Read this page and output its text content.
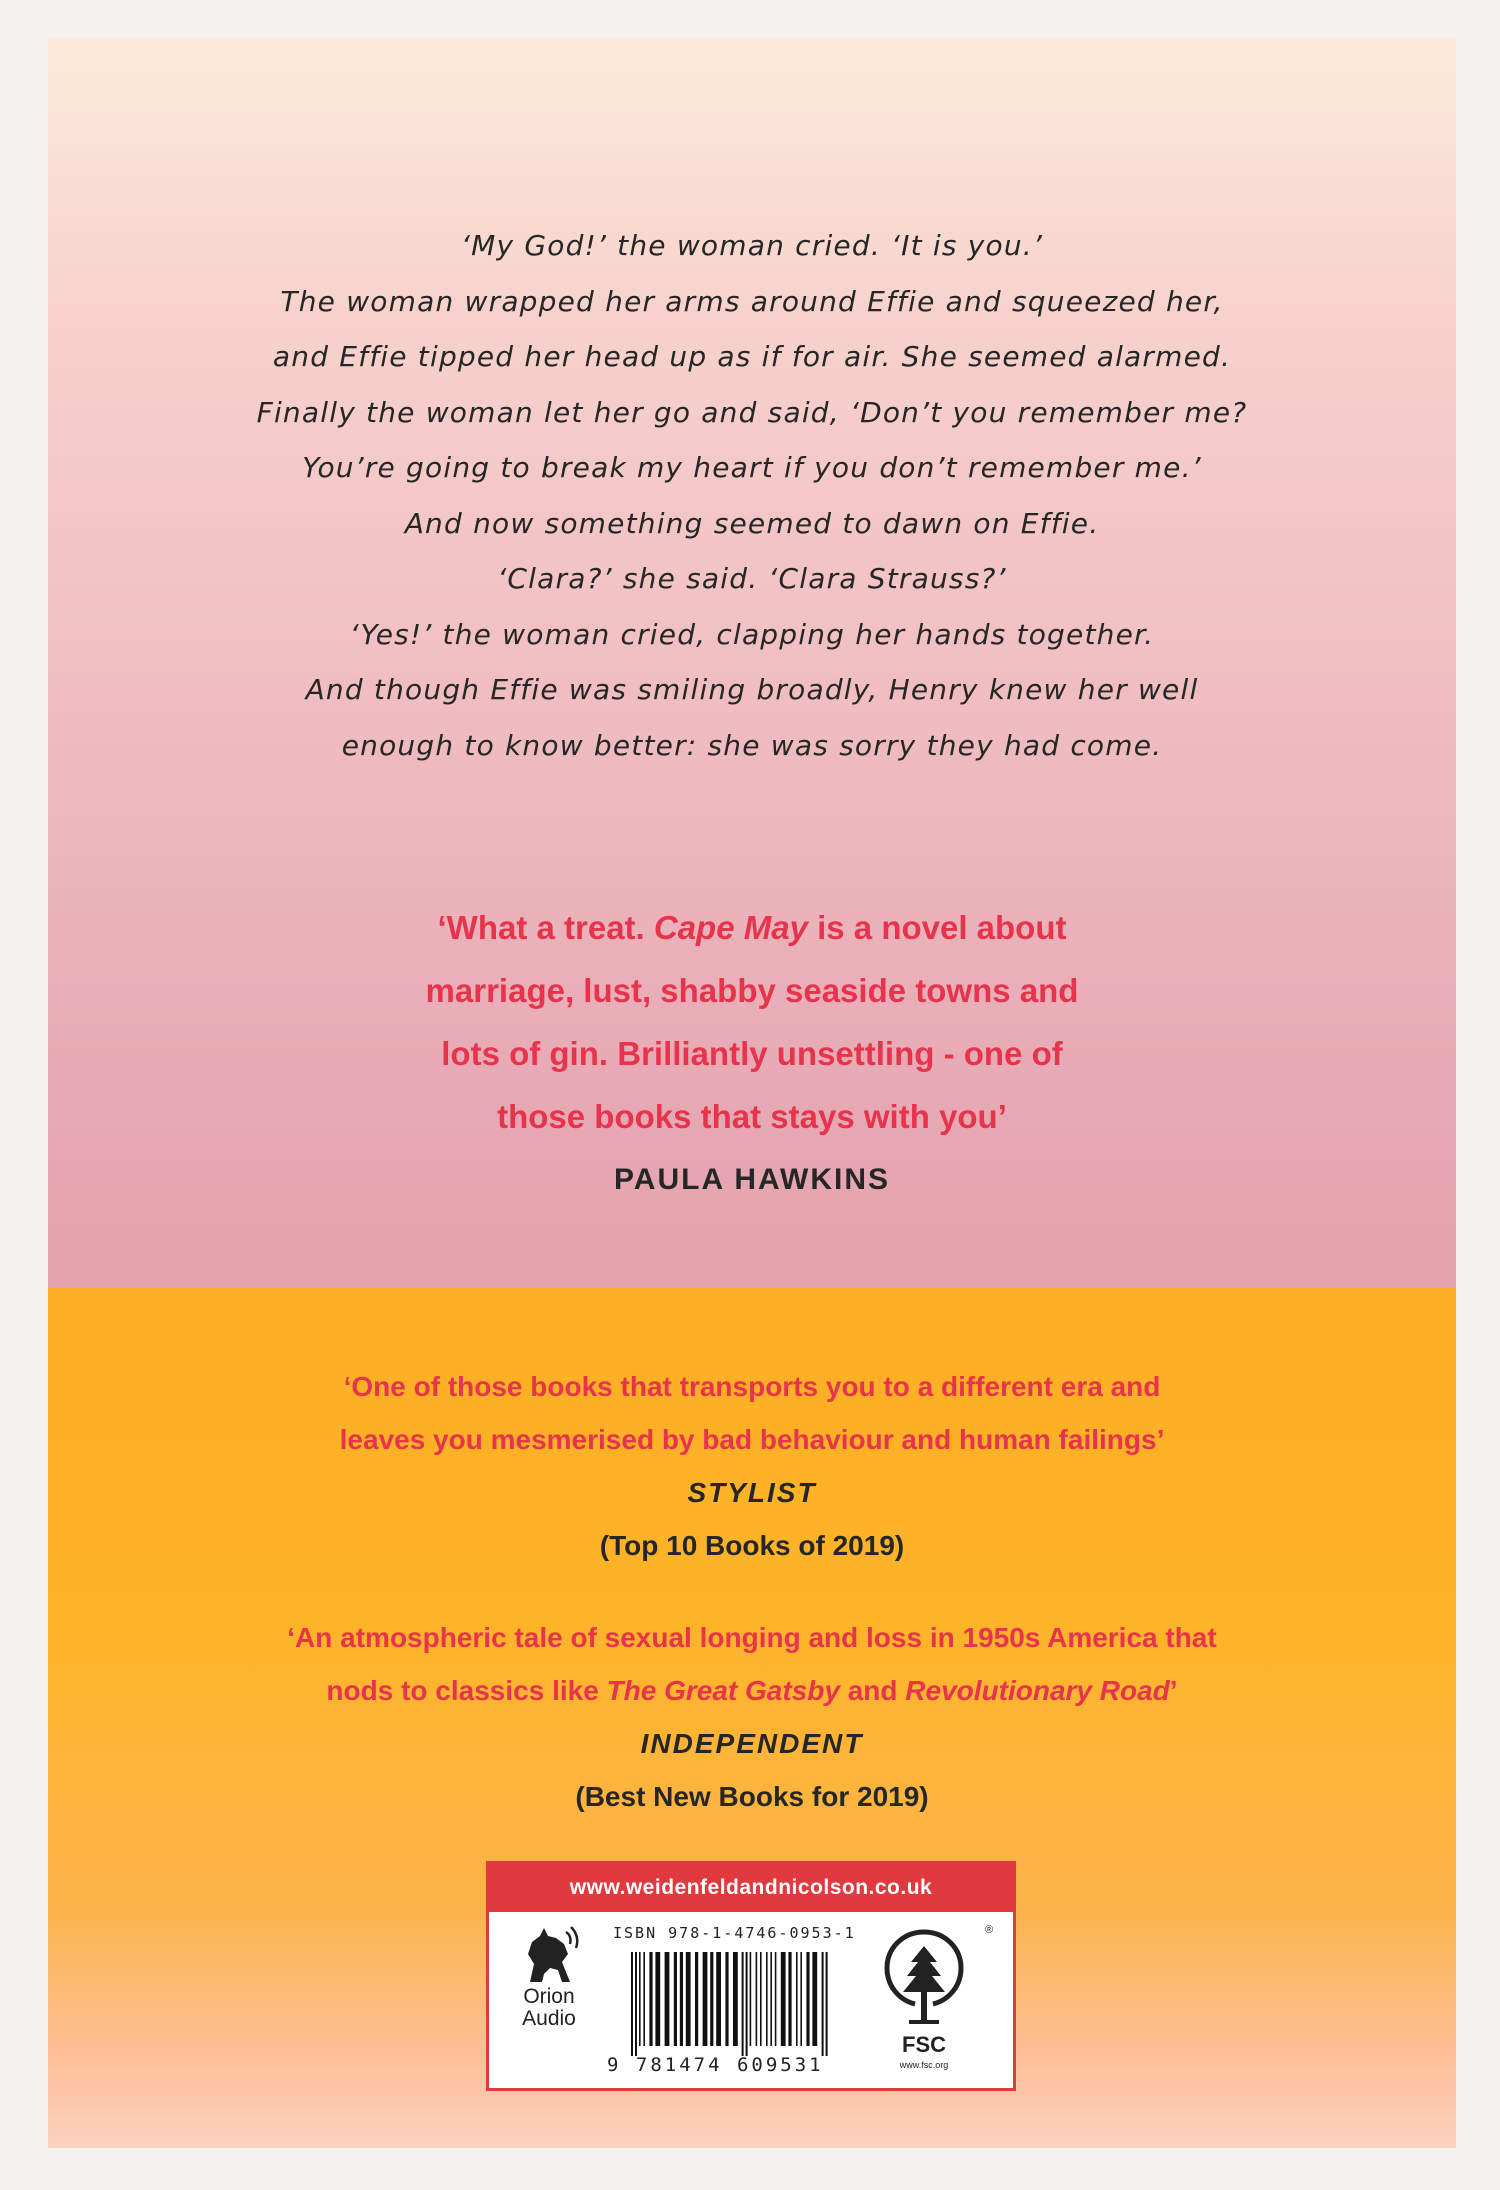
‘My God!’ the woman cried. ‘It is you.’
The woman wrapped her arms around Effie and squeezed her,
and Effie tipped her head up as if for air. She seemed alarmed.
Finally the woman let her go and said, ‘Don’t you remember me?
You’re going to break my heart if you don’t remember me.’
And now something seemed to dawn on Effie.
‘Clara?’ she said. ‘Clara Strauss?’
‘Yes!’ the woman cried, clapping her hands together.
And though Effie was smiling broadly, Henry knew her well
enough to know better: she was sorry they had come.
‘What a treat. Cape May is a novel about
marriage, lust, shabby seaside towns and
lots of gin. Brilliantly unsettling - one of
those books that stays with you’
PAULA HAWKINS
‘One of those books that transports you to a different era and
leaves you mesmerised by bad behaviour and human failings’
STYLIST
(Top 10 Books of 2019)
‘An atmospheric tale of sexual longing and loss in 1950s America that
nods to classics like The Great Gatsby and Revolutionary Road’
INDEPENDENT
(Best New Books for 2019)
www.weidenfeldandnicolson.co.uk
Orion
Audio
ISBN 978-1-4746-0953-1
9 781474 609531
®
FSC
www.fsc.org
